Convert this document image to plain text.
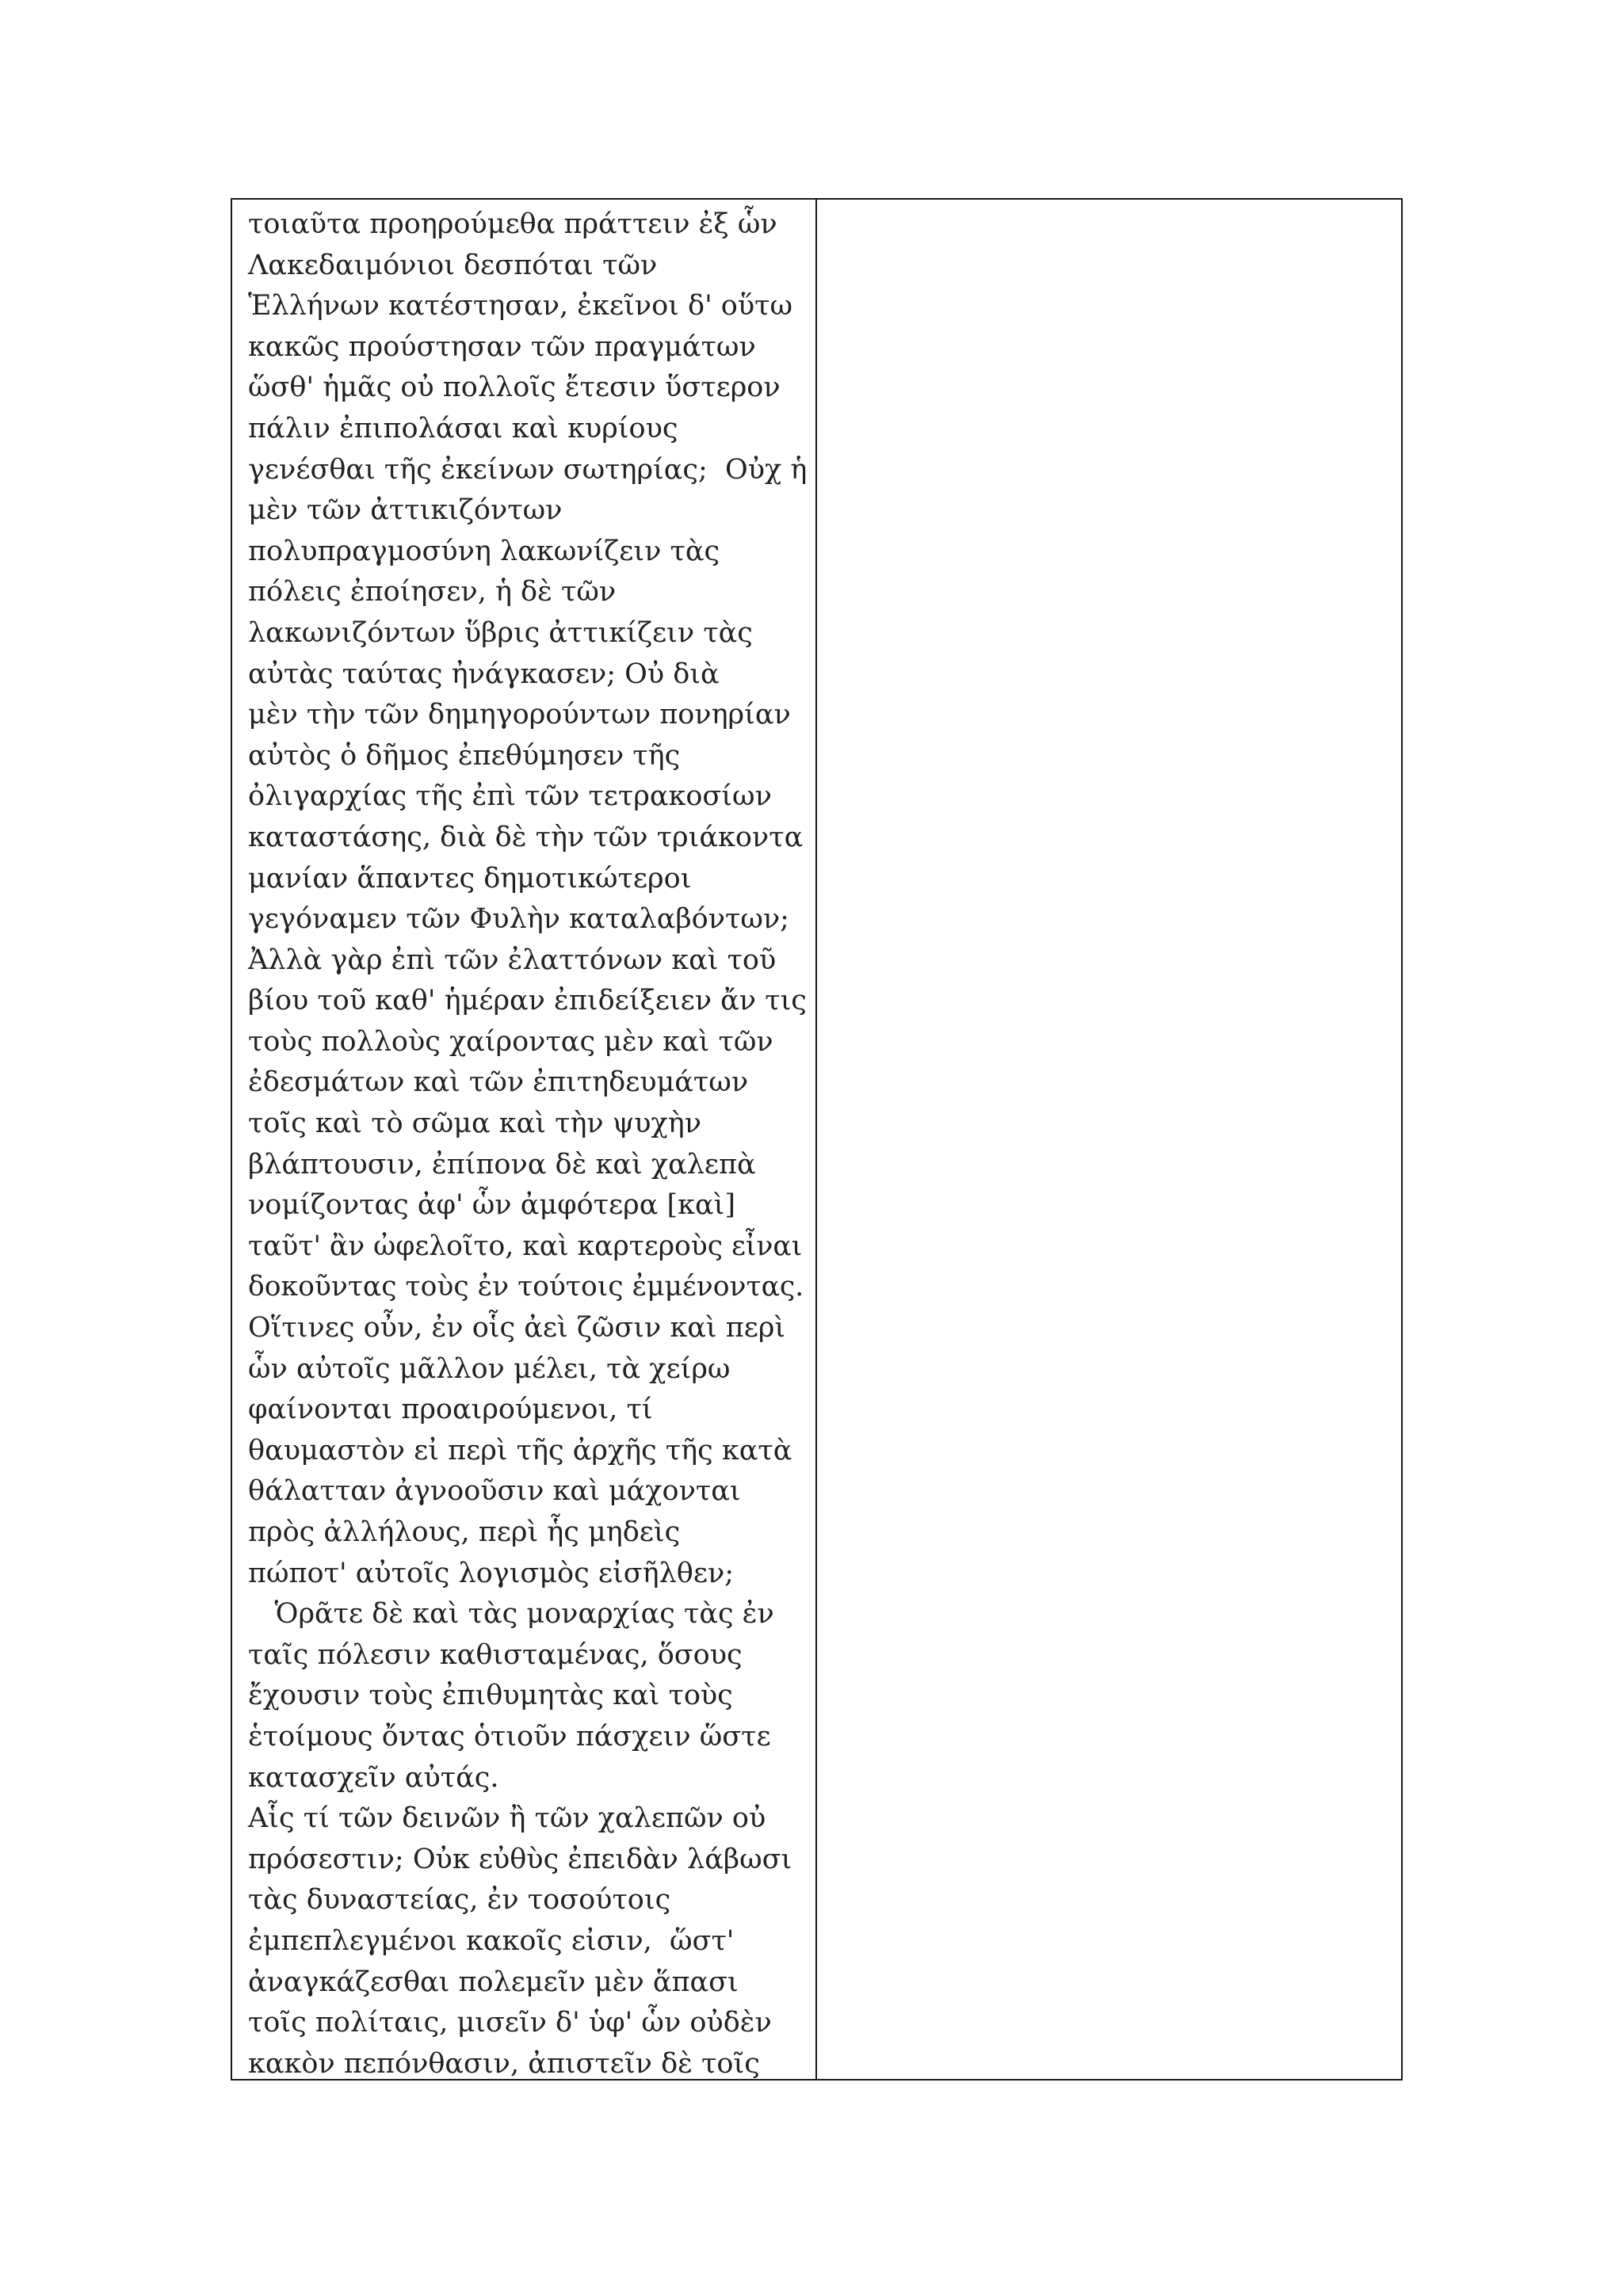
τοιαῦτα προηρούμεθα πράττειν ἐξ ὧν
Λακεδαιμόνιοι δεσπόται τῶν
Ἑλλήνων κατέστησαν, ἐκεῖνοι δ' οὕτω
κακῶς προύστησαν τῶν πραγμάτων
ὥσθ' ἡμᾶς οὐ πολλοῖς ἔτεσιν ὕστερον
πάλιν ἐπιπολάσαι καὶ κυρίους
γενέσθαι τῆς ἐκείνων σωτηρίας;  Οὐχ ἡ
μὲν τῶν ἀττικιζόντων
πολυπραγμοσύνη λακωνίζειν τὰς
πόλεις ἐποίησεν, ἡ δὲ τῶν
λακωνιζόντων ὕβρις ἀττικίζειν τὰς
αὐτὰς ταύτας ἠνάγκασεν; Οὐ διὰ
μὲν τὴν τῶν δημηγορούντων πονηρίαν
αὐτὸς ὁ δῆμος ἐπεθύμησεν τῆς
ὀλιγαρχίας τῆς ἐπὶ τῶν τετρακοσίων
καταστάσης, διὰ δὲ τὴν τῶν τριάκοντα
μανίαν ἅπαντες δημοτικώτεροι
γεγόναμεν τῶν Φυλὴν καταλαβόντων;
Ἀλλὰ γὰρ ἐπὶ τῶν ἐλαττόνων καὶ τοῦ
βίου τοῦ καθ' ἡμέραν ἐπιδείξειεν ἄν τις
τοὺς πολλοὺς χαίροντας μὲν καὶ τῶν
ἐδεσμάτων καὶ τῶν ἐπιτηδευμάτων
τοῖς καὶ τὸ σῶμα καὶ τὴν ψυχὴν
βλάπτουσιν, ἐπίπονα δὲ καὶ χαλεπὰ
νομίζοντας ἀφ' ὧν ἀμφότερα [καὶ]
ταῦτ' ἂν ὠφελοῖτο, καὶ καρτεροὺς εἶναι
δοκοῦντας τοὺς ἐν τούτοις ἐμμένοντας.
Οἵτινες οὖν, ἐν οἷς ἀεὶ ζῶσιν καὶ περὶ
ὧν αὐτοῖς μᾶλλον μέλει, τὰ χείρω
φαίνονται προαιρούμενοι, τί
θαυμαστὸν εἰ περὶ τῆς ἀρχῆς τῆς κατὰ
θάλατταν ἀγνοοῦσιν καὶ μάχονται
πρὸς ἀλλήλους, περὶ ἧς μηδεὶς
πώποτ' αὐτοῖς λογισμὸς εἰσῆλθεν;
Ὁρᾶτε δὲ καὶ τὰς μοναρχίας τὰς ἐν
ταῖς πόλεσιν καθισταμένας, ὅσους
ἔχουσιν τοὺς ἐπιθυμητὰς καὶ τοὺς
ἑτοίμους ὄντας ὁτιοῦν πάσχειν ὥστε
κατασχεῖν αὐτάς.
Αἷς τί τῶν δεινῶν ἢ τῶν χαλεπῶν οὐ
πρόσεστιν; Οὐκ εὐθὺς ἐπειδὰν λάβωσι
τὰς δυναστείας, ἐν τοσούτοις
ἐμπεπλεγμένοι κακοῖς εἰσιν,  ὥστ'
ἀναγκάζεσθαι πολεμεῖν μὲν ἅπασι
τοῖς πολίταις, μισεῖν δ' ὑφ' ὧν οὐδὲν
κακὸν πεπόνθασιν, ἀπιστεῖν δὲ τοῖς
